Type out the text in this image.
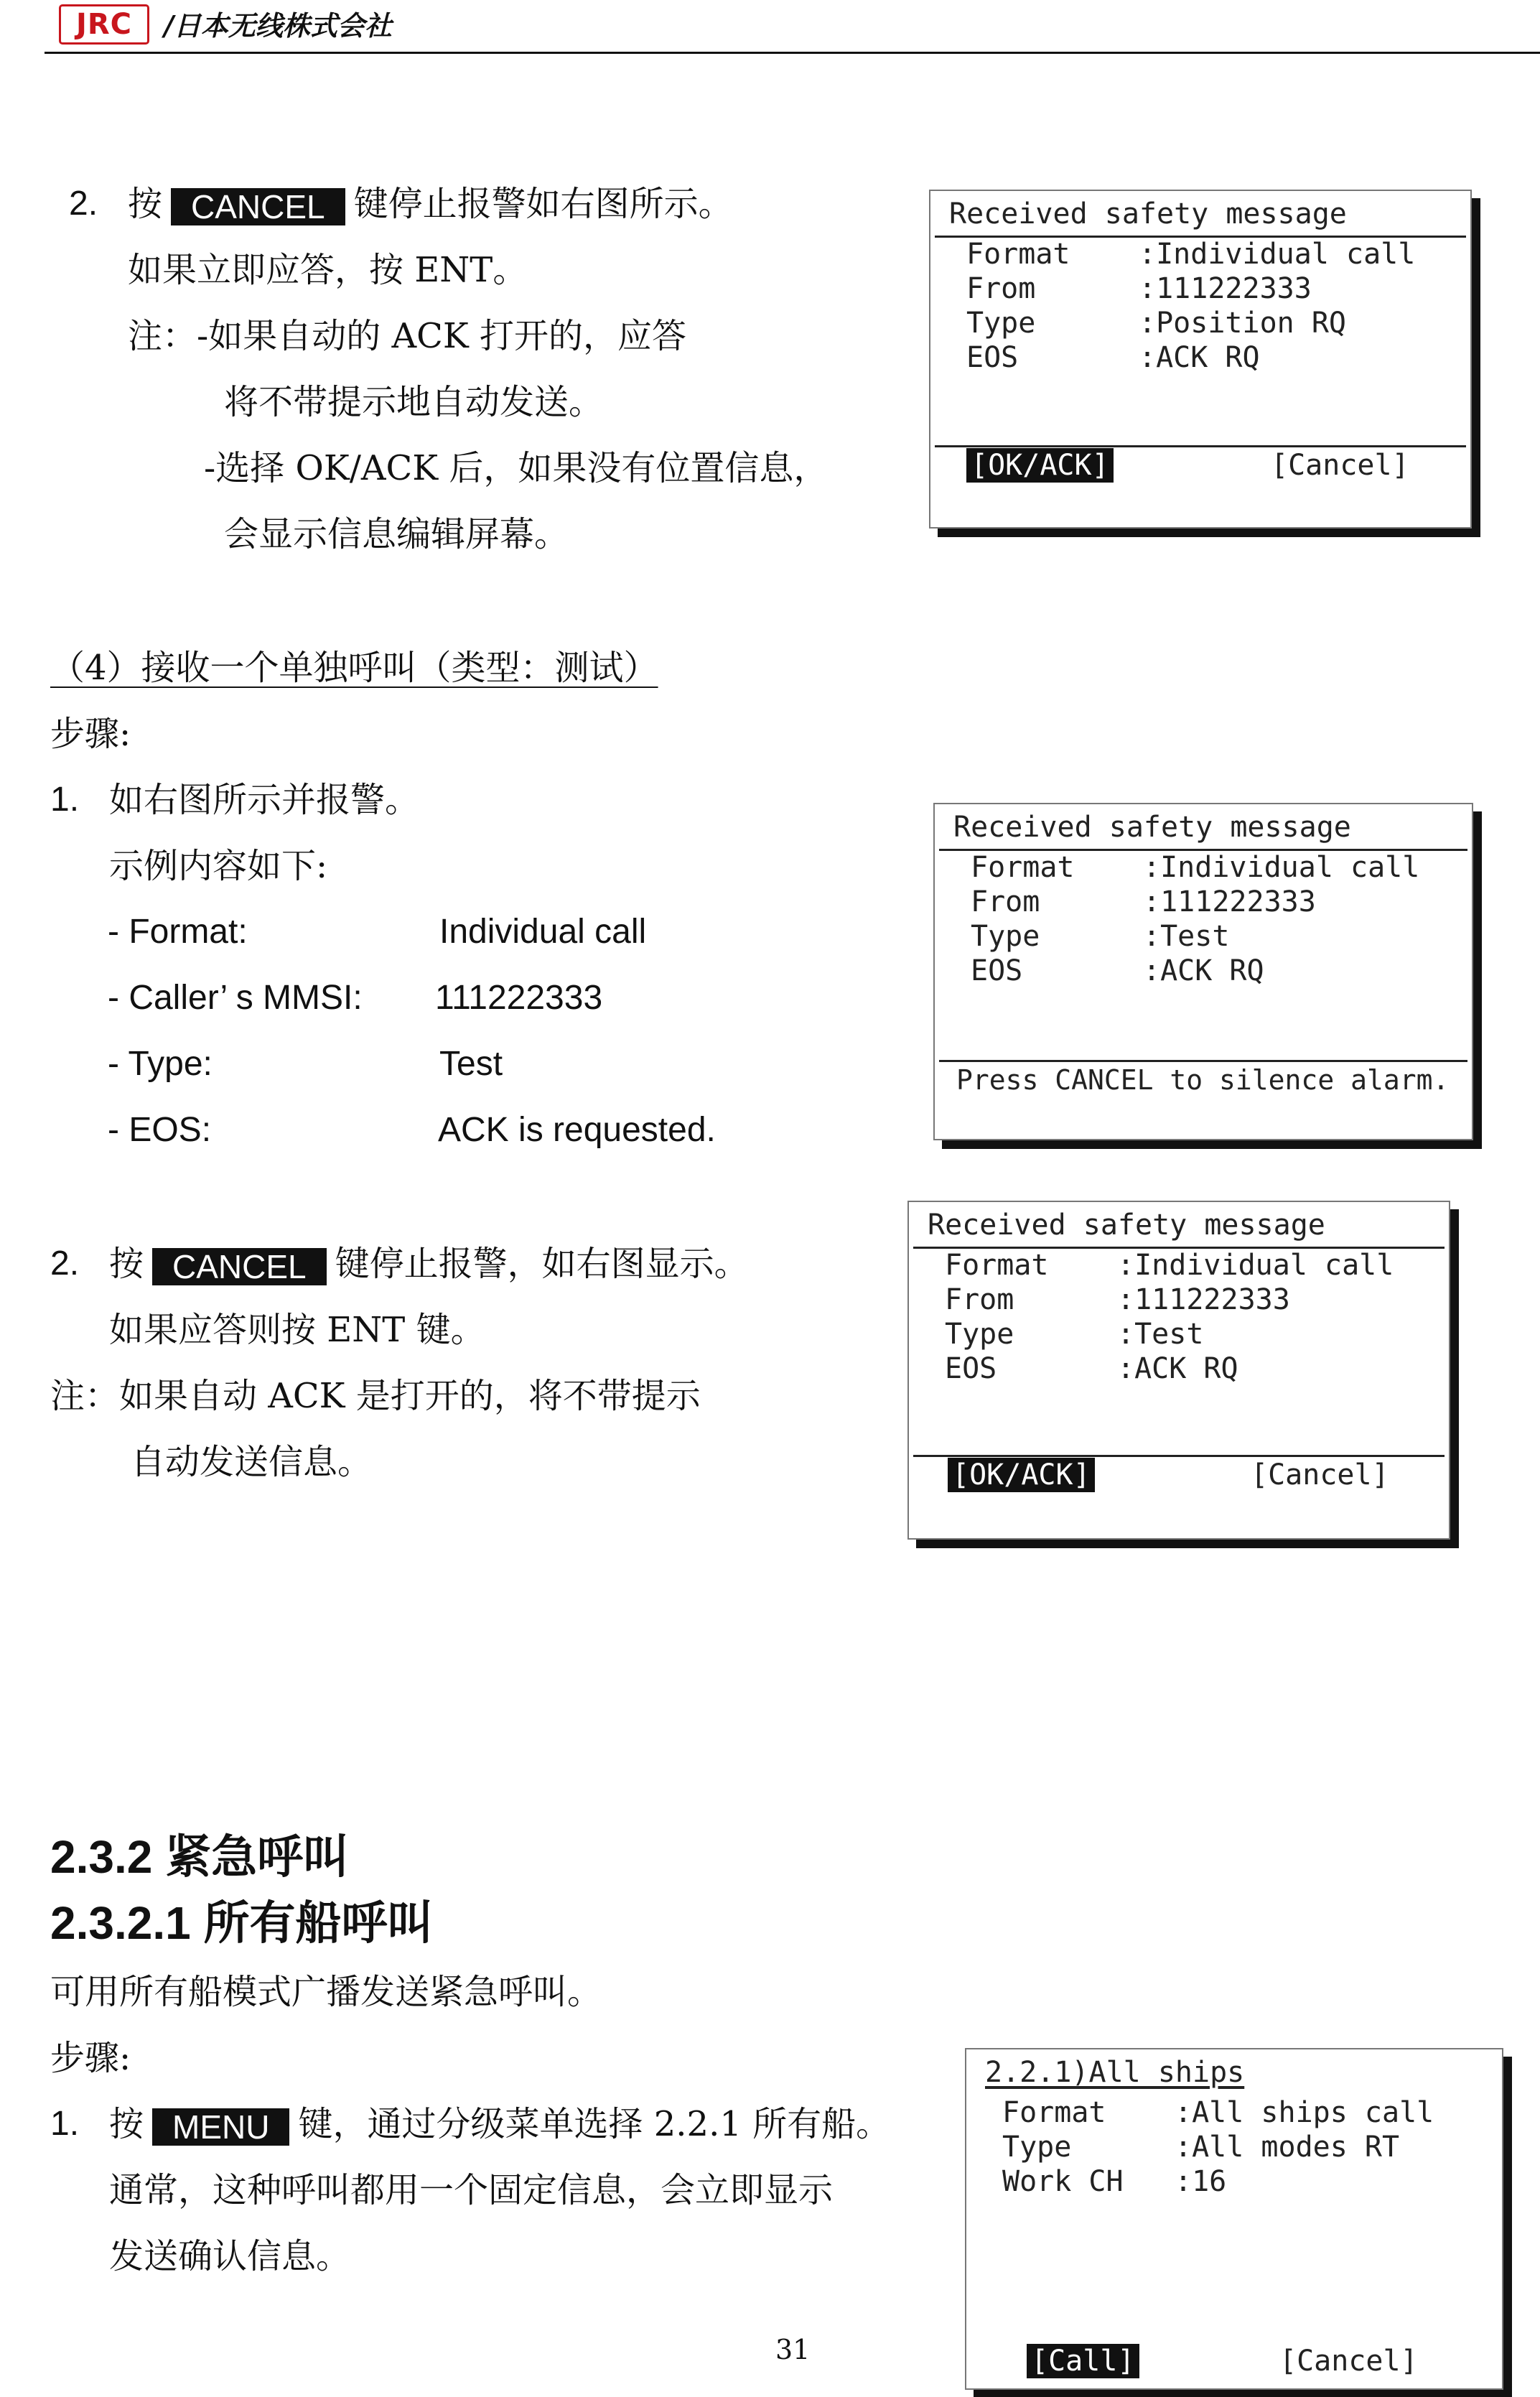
JRC	/日本无线株式会社
2. 按 CANCEL 键停止报警如右图所示。
如果立即应答，按 ENT。
注：-如果自动的 ACK 打开的，应答
将不带提示地自动发送。
-选择 OK/ACK 后，如果没有位置信息，
会显示信息编辑屏幕。
Received safety message
Format :Individual call
From	:111222333
Type	:Position RQ
EOS	:ACK RQ
[OK/ACK]	[Cancel]
（4）接收一个单独呼叫（类型：测试）
步骤:
1. 如右图所示并报警。
示例内容如下:
- Format:	Individual call
- Caller’ s MMSI: 111222333
- Type:	Test
- EOS:	ACK is requested.
Received safety message
Format :Individual call
From	:111222333
Type	:Test
EOS	:ACK RQ
Press CANCEL to silence alarm.
2. 按 CANCEL 键停止报警，如右图显示。
如果应答则按 ENT 键。
注：如果自动 ACK 是打开的，将不带提示
自动发送信息。
Received safety message
Format :Individual call
From	:111222333
Type	:Test
EOS	:ACK RQ
[OK/ACK]	[Cancel]
2.3.2 紧急呼叫
2.3.2.1 所有船呼叫
可用所有船模式广播发送紧急呼叫。
步骤:
1. 按 MENU 键，通过分级菜单选择 2.2.1 所有船。
通常，这种呼叫都用一个固定信息，会立即显示
发送确认信息。
2.2.1)All ships
Format :All ships call
Type	:All modes RT
Work CH :16
[Call]	[Cancel]
31
